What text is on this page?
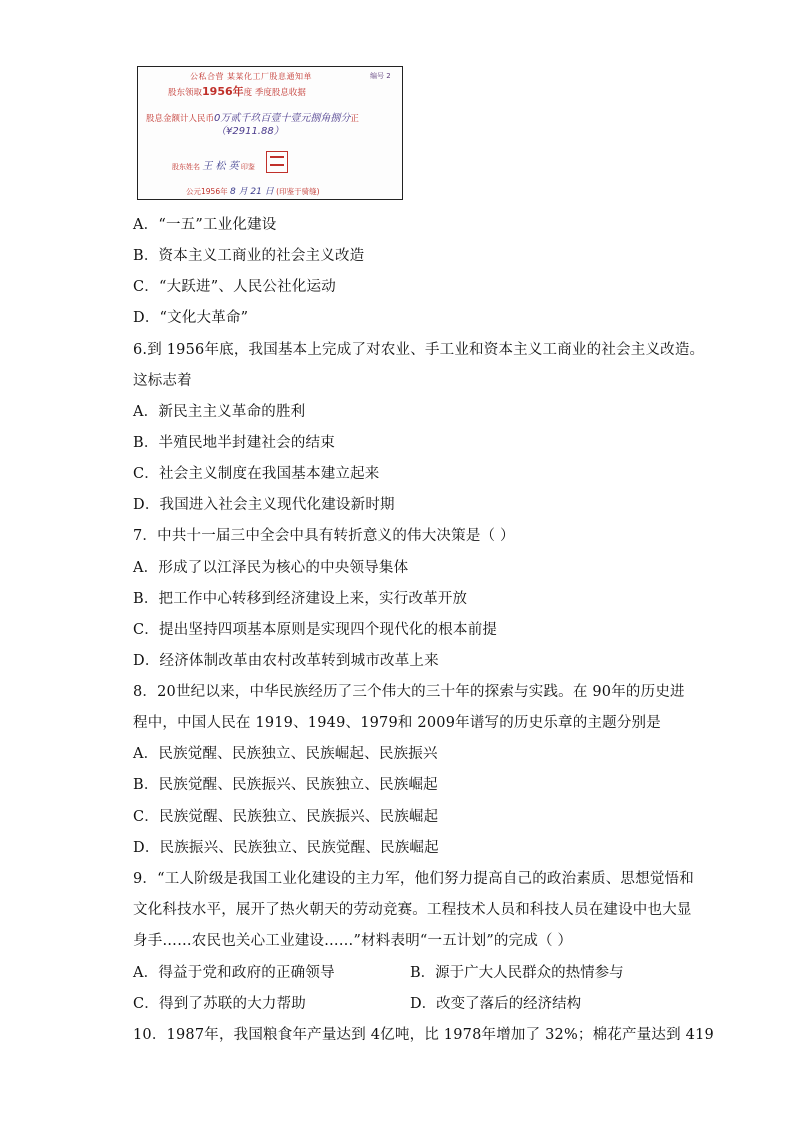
公私合营 某某化工厂股息通知单	编号 2
股东领取1956年度 季度股息收据
股息金额计人民币0万贰千玖百壹十壹元捌角捌分正
（¥2911.88）
股东姓名 王 松 英 印鉴
公元1956年 8 月 21 日 (印鉴于骑缝)
A．“一五”工业化建设
B．资本主义工商业的社会主义改造
C．“大跃进”、人民公社化运动
D．“文化大革命”
6.到 1956年底，我国基本上完成了对农业、手工业和资本主义工商业的社会主义改造。
这标志着
A．新民主主义革命的胜利
B．半殖民地半封建社会的结束
C．社会主义制度在我国基本建立起来
D．我国进入社会主义现代化建设新时期
7．中共十一届三中全会中具有转折意义的伟大决策是（ ）
A．形成了以江泽民为核心的中央领导集体
B．把工作中心转移到经济建设上来，实行改革开放
C．提出坚持四项基本原则是实现四个现代化的根本前提
D．经济体制改革由农村改革转到城市改革上来
8．20世纪以来，中华民族经历了三个伟大的三十年的探索与实践。在 90年的历史进
程中，中国人民在 1919、1949、1979和 2009年谱写的历史乐章的主题分别是
A．民族觉醒、民族独立、民族崛起、民族振兴
B．民族觉醒、民族振兴、民族独立、民族崛起
C．民族觉醒、民族独立、民族振兴、民族崛起
D．民族振兴、民族独立、民族觉醒、民族崛起
9．“工人阶级是我国工业化建设的主力军，他们努力提高自己的政治素质、思想觉悟和
文化科技水平，展开了热火朝天的劳动竞赛。工程技术人员和科技人员在建设中也大显
身手……农民也关心工业建设……”材料表明“一五计划”的完成（ ）
A．得益于党和政府的正确领导	B．源于广大人民群众的热情参与
C．得到了苏联的大力帮助	D．改变了落后的经济结构
10．1987年，我国粮食年产量达到 4亿吨，比 1978年增加了 32%；棉花产量达到 419
